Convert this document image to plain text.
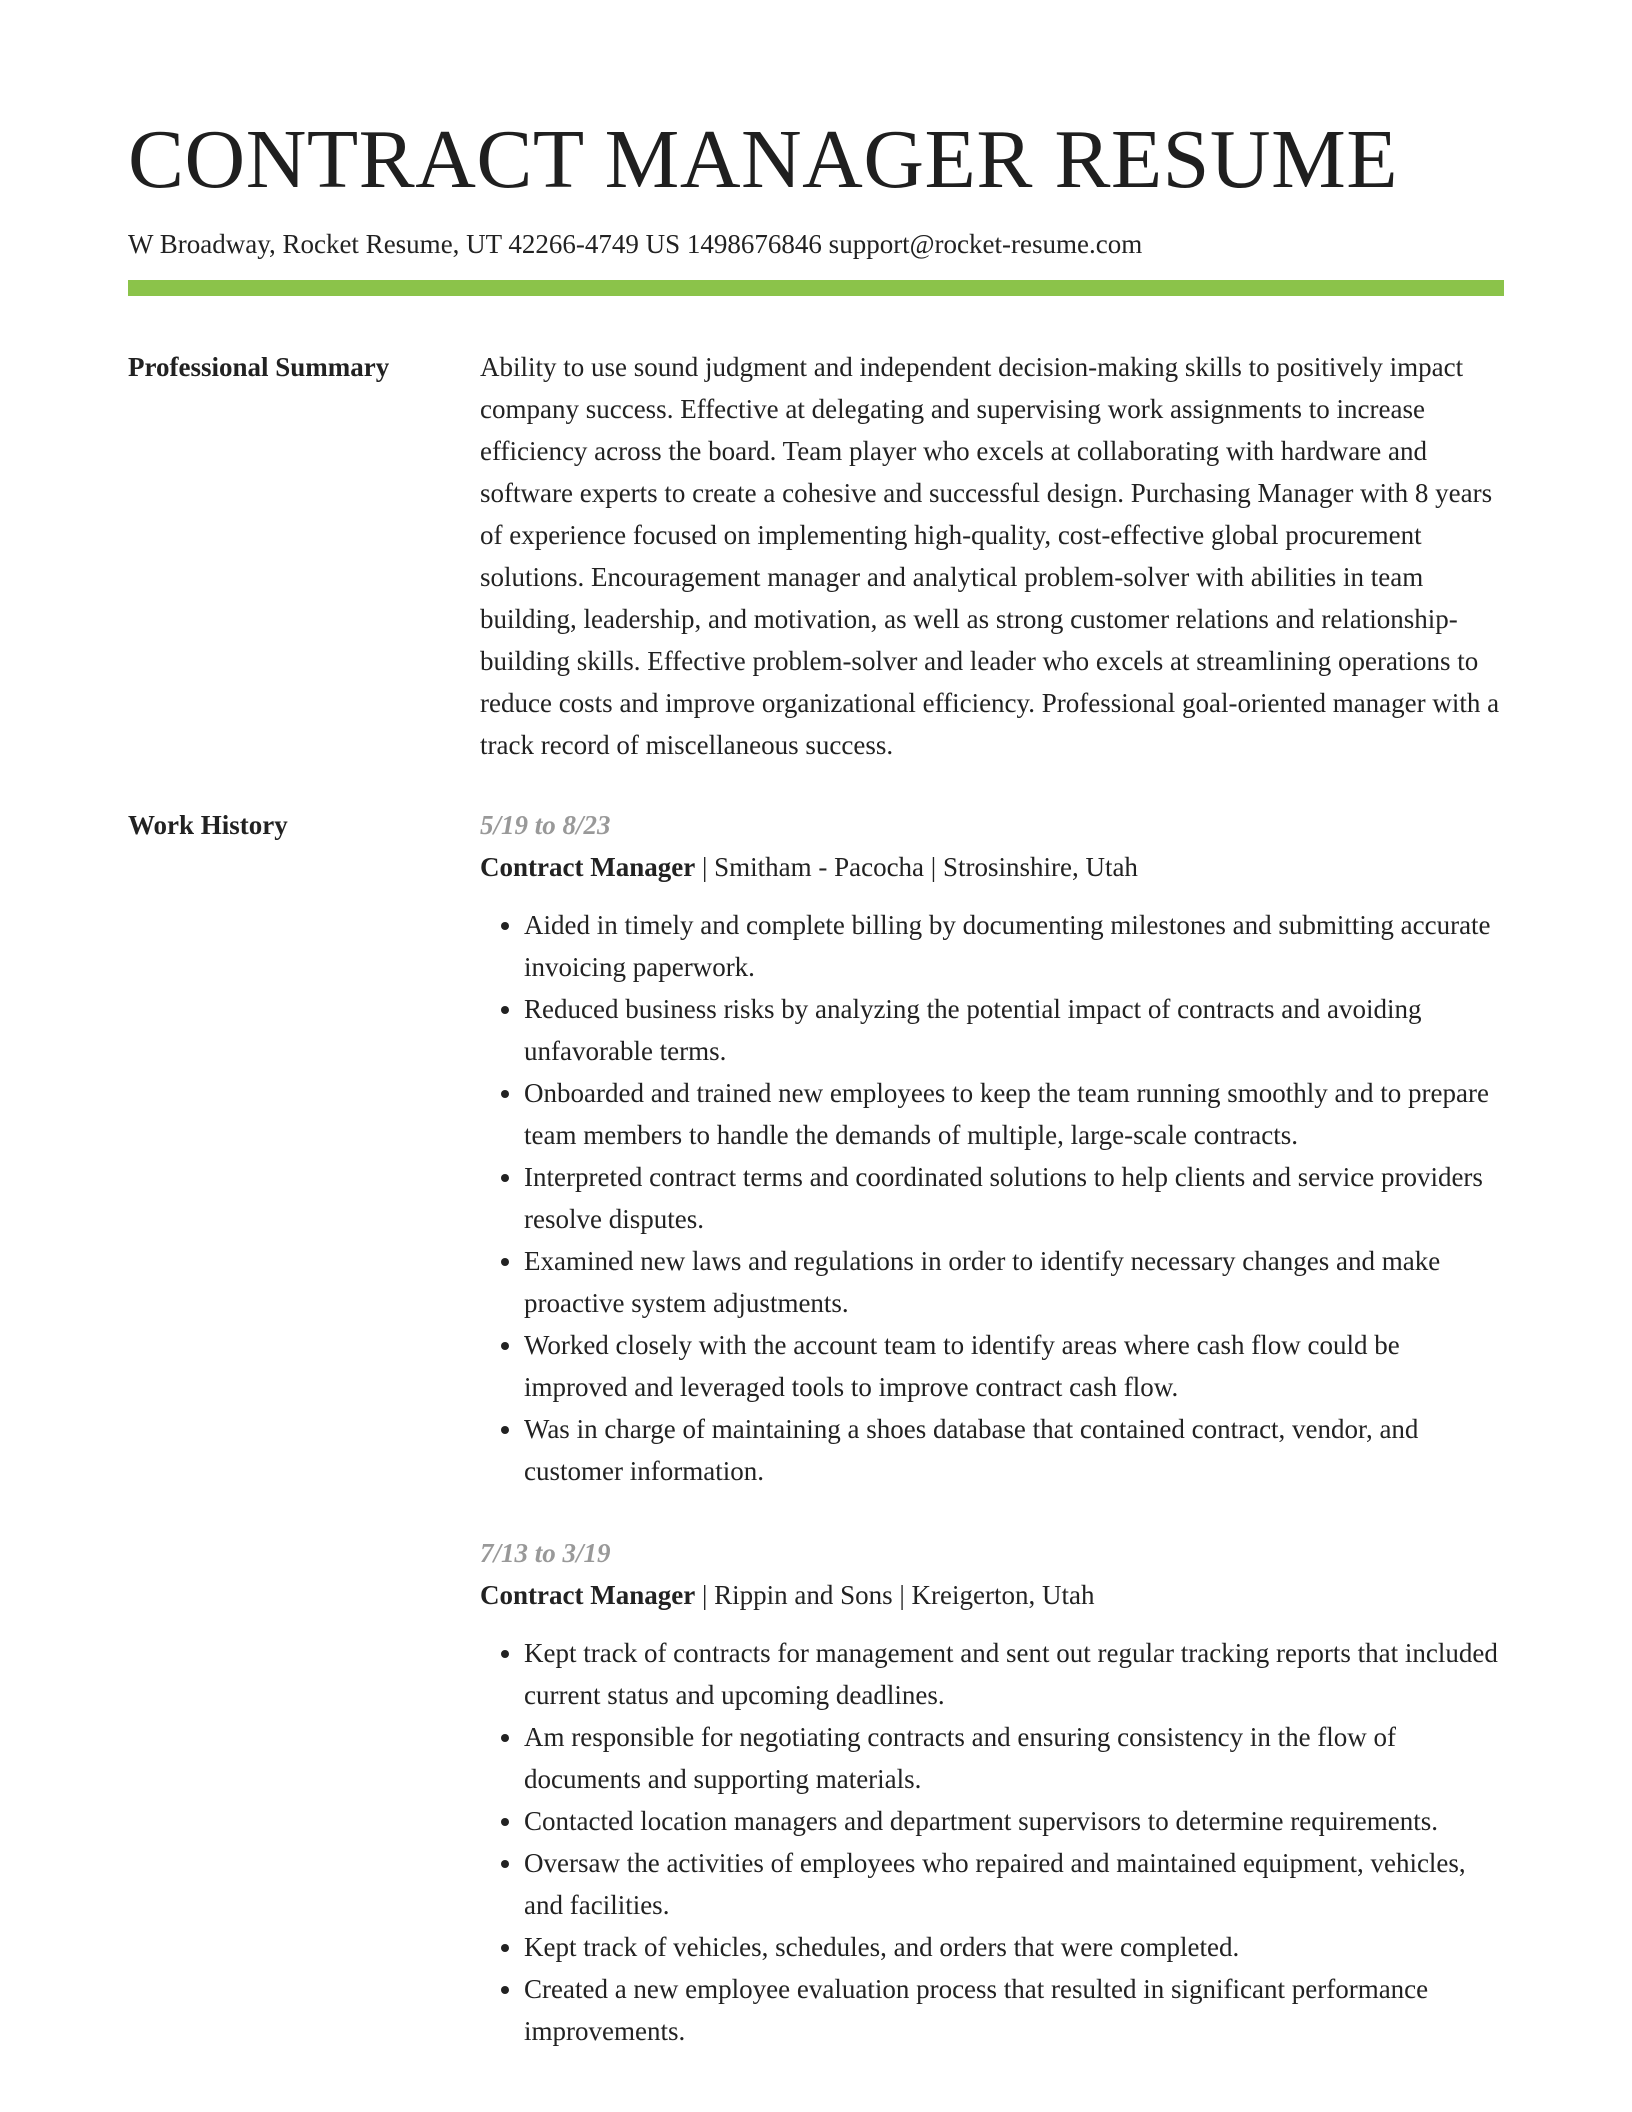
CONTRACT MANAGER RESUME
W Broadway, Rocket Resume, UT 42266-4749 US 1498676846 support@rocket-resume.com
Professional Summary	Ability to use sound judgment and independent decision-making skills to positively impact company success. Effective at delegating and supervising work assignments to increase efficiency across the board. Team player who excels at collaborating with hardware and software experts to create a cohesive and successful design. Purchasing Manager with 8 years of experience focused on implementing high-quality, cost-effective global procurement solutions. Encouragement manager and analytical problem-solver with abilities in team building, leadership, and motivation, as well as strong customer relations and relationship-building skills. Effective problem-solver and leader who excels at streamlining operations to reduce costs and improve organizational efficiency. Professional goal-oriented manager with a track record of miscellaneous success.

Work History	5/19 to 8/23
Contract Manager | Smitham - Pacocha | Strosinshire, Utah
• Aided in timely and complete billing by documenting milestones and submitting accurate invoicing paperwork.
• Reduced business risks by analyzing the potential impact of contracts and avoiding unfavorable terms.
• Onboarded and trained new employees to keep the team running smoothly and to prepare team members to handle the demands of multiple, large-scale contracts.
• Interpreted contract terms and coordinated solutions to help clients and service providers resolve disputes.
• Examined new laws and regulations in order to identify necessary changes and make proactive system adjustments.
• Worked closely with the account team to identify areas where cash flow could be improved and leveraged tools to improve contract cash flow.
• Was in charge of maintaining a shoes database that contained contract, vendor, and customer information.
7/13 to 3/19
Contract Manager | Rippin and Sons | Kreigerton, Utah
• Kept track of contracts for management and sent out regular tracking reports that included current status and upcoming deadlines.
• Am responsible for negotiating contracts and ensuring consistency in the flow of documents and supporting materials.
• Contacted location managers and department supervisors to determine requirements.
• Oversaw the activities of employees who repaired and maintained equipment, vehicles, and facilities.
• Kept track of vehicles, schedules, and orders that were completed.
• Created a new employee evaluation process that resulted in significant performance improvements.
